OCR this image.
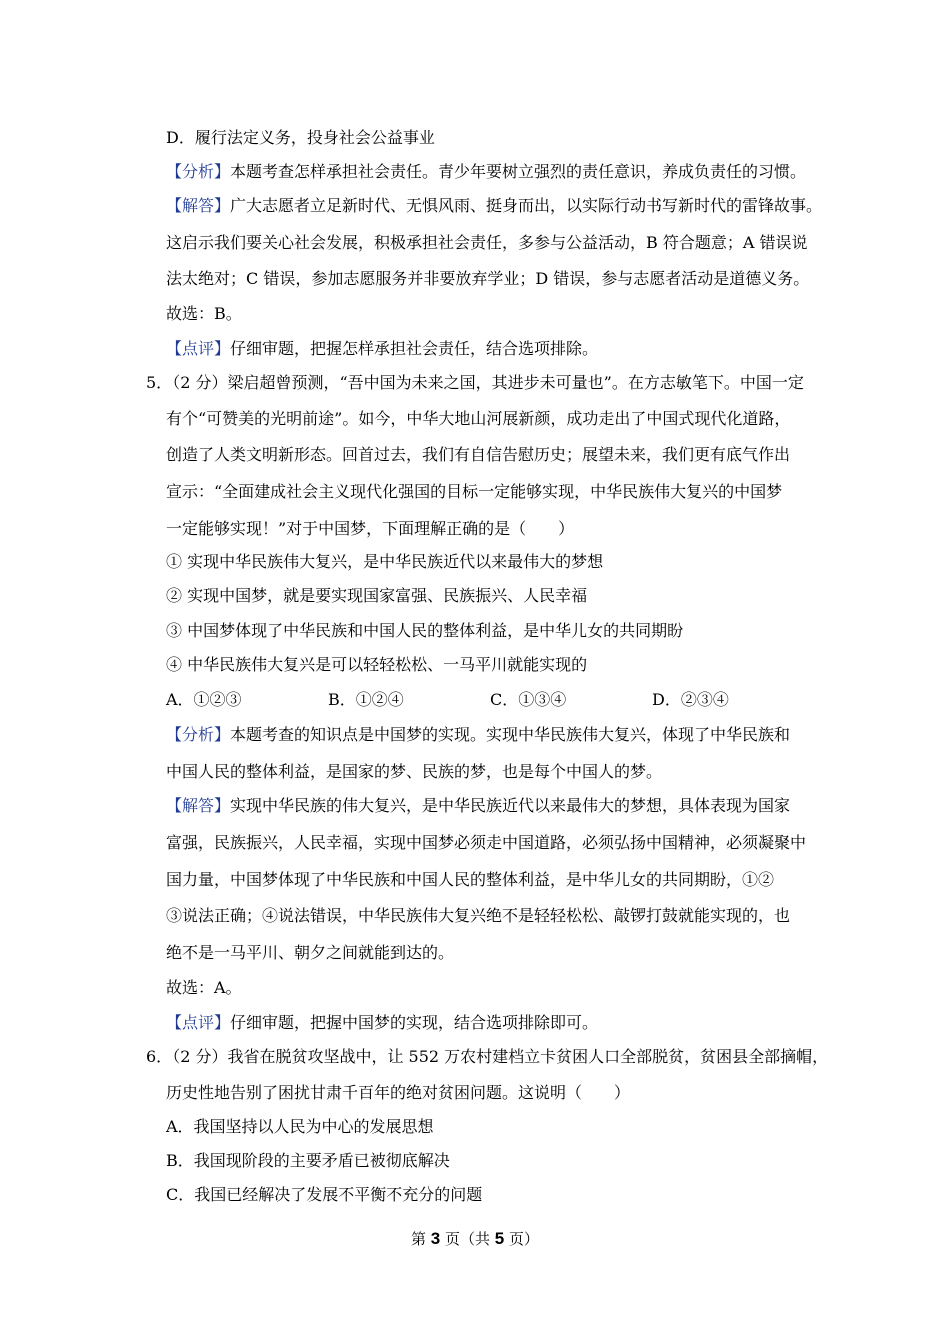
D．履行法定义务，投身社会公益事业
【分析】本题考查怎样承担社会责任。青少年要树立强烈的责任意识，养成负责任的习惯。
【解答】广大志愿者立足新时代、无惧风雨、挺身而出，以实际行动书写新时代的雷锋故事。
这启示我们要关心社会发展，积极承担社会责任，多参与公益活动，B 符合题意；A 错误说
法太绝对；C 错误，参加志愿服务并非要放弃学业；D 错误，参与志愿者活动是道德义务。
故选：B。
【点评】仔细审题，把握怎样承担社会责任，结合选项排除。
5．（2 分）梁启超曾预测，“吾中国为未来之国，其进步未可量也”。在方志敏笔下。中国一定
有个“可赞美的光明前途”。如今，中华大地山河展新颜，成功走出了中国式现代化道路，
创造了人类文明新形态。回首过去，我们有自信告慰历史；展望未来，我们更有底气作出
宣示：“全面建成社会主义现代化强国的目标一定能够实现，中华民族伟大复兴的中国梦
一定能够实现！”对于中国梦，下面理解正确的是（　　）
① 实现中华民族伟大复兴，是中华民族近代以来最伟大的梦想
② 实现中国梦，就是要实现国家富强、民族振兴、人民幸福
③ 中国梦体现了中华民族和中国人民的整体利益，是中华儿女的共同期盼
④ 中华民族伟大复兴是可以轻轻松松、一马平川就能实现的
A．①②③	B．①②④	C．①③④	D．②③④
【分析】本题考查的知识点是中国梦的实现。实现中华民族伟大复兴，体现了中华民族和
中国人民的整体利益，是国家的梦、民族的梦，也是每个中国人的梦。
【解答】实现中华民族的伟大复兴，是中华民族近代以来最伟大的梦想，具体表现为国家
富强，民族振兴，人民幸福，实现中国梦必须走中国道路，必须弘扬中国精神，必须凝聚中
国力量，中国梦体现了中华民族和中国人民的整体利益，是中华儿女的共同期盼，①②
③说法正确；④说法错误，中华民族伟大复兴绝不是轻轻松松、敲锣打鼓就能实现的，也
绝不是一马平川、朝夕之间就能到达的。
故选：A。
【点评】仔细审题，把握中国梦的实现，结合选项排除即可。
6．（2 分）我省在脱贫攻坚战中，让 552 万农村建档立卡贫困人口全部脱贫，贫困县全部摘帽，
历史性地告别了困扰甘肃千百年的绝对贫困问题。这说明（　　）
A．我国坚持以人民为中心的发展思想
B．我国现阶段的主要矛盾已被彻底解决
C．我国已经解决了发展不平衡不充分的问题
第 3 页（共 5 页）
